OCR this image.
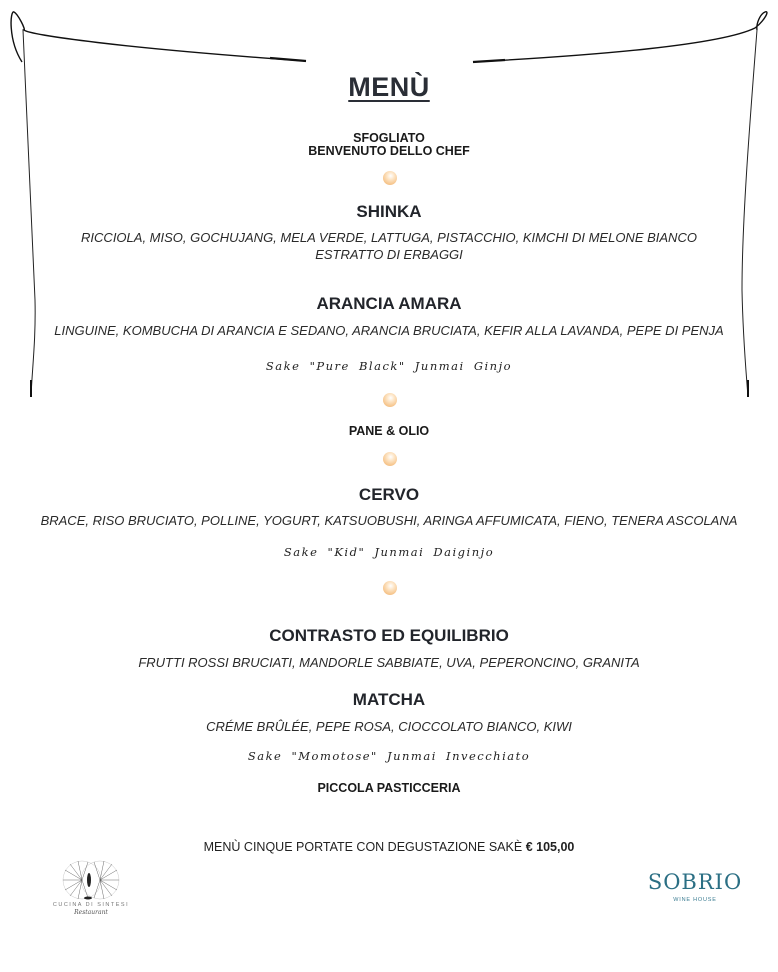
MENÙ
SFOGLIATO
BENVENUTO DELLO CHEF
SHINKA
RICCIOLA, MISO, GOCHUJANG, MELA VERDE, LATTUGA, PISTACCHIO, KIMCHI DI MELONE BIANCO
ESTRATTO DI ERBAGGI
ARANCIA AMARA
LINGUINE, KOMBUCHA DI ARANCIA E SEDANO, ARANCIA BRUCIATA, KEFIR ALLA LAVANDA, PEPE DI PENJA
Sake "Pure Black" Junmai Ginjo
PANE & OLIO
CERVO
BRACE, RISO BRUCIATO, POLLINE, YOGURT, KATSUOBUSHI, ARINGA AFFUMICATA, FIENO, TENERA ASCOLANA
Sake "Kid" Junmai Daiginjo
CONTRASTO ED EQUILIBRIO
FRUTTI ROSSI BRUCIATI, MANDORLE SABBIATE, UVA, PEPERONCINO, GRANITA
MATCHA
CRÉME BRÛLÉE, PEPE ROSA, CIOCCOLATO BIANCO, KIWI
Sake "Momotose" Junmai Invecchiato
PICCOLA PASTICCERIA
MENÙ CINQUE PORTATE CON DEGUSTAZIONE SAKÈ € 105,00
CUCINA DI SINTESI
Restaurant
SOBRIO
WINE HOUSE
